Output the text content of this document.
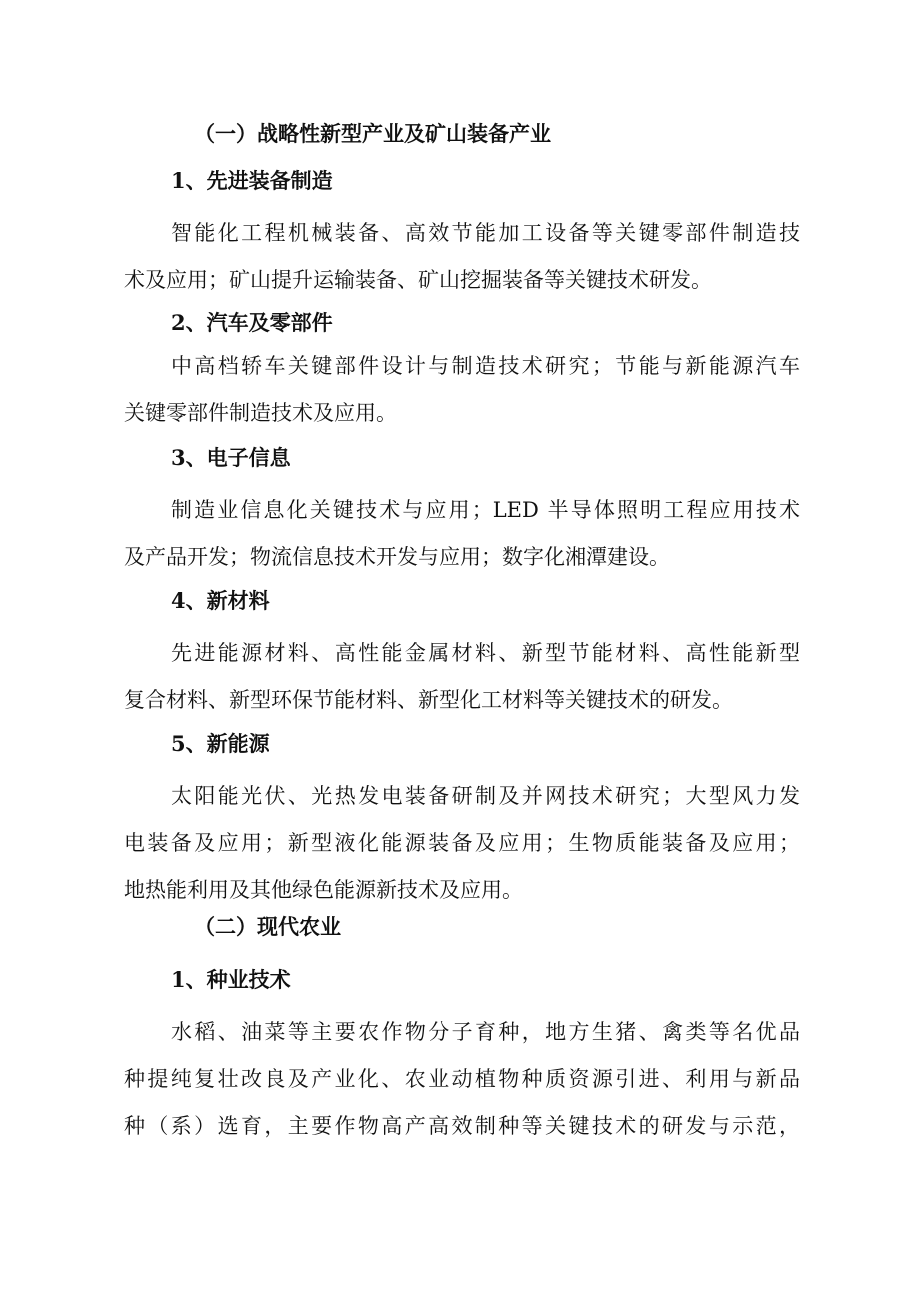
（一）战略性新型产业及矿山装备产业
1、先进装备制造
智能化工程机械装备、高效节能加工设备等关键零部件制造技
术及应用；矿山提升运输装备、矿山挖掘装备等关键技术研发。
2、汽车及零部件
中高档轿车关键部件设计与制造技术研究；节能与新能源汽车
关键零部件制造技术及应用。
3、电子信息
制造业信息化关键技术与应用；LED 半导体照明工程应用技术
及产品开发；物流信息技术开发与应用；数字化湘潭建设。
4、新材料
先进能源材料、高性能金属材料、新型节能材料、高性能新型
复合材料、新型环保节能材料、新型化工材料等关键技术的研发。
5、新能源
太阳能光伏、光热发电装备研制及并网技术研究；大型风力发
电装备及应用；新型液化能源装备及应用；生物质能装备及应用；
地热能利用及其他绿色能源新技术及应用。
（二）现代农业
1、种业技术
水稻、油菜等主要农作物分子育种，地方生猪、禽类等名优品
种提纯复壮改良及产业化、农业动植物种质资源引进、利用与新品
种（系）选育，主要作物高产高效制种等关键技术的研发与示范，
